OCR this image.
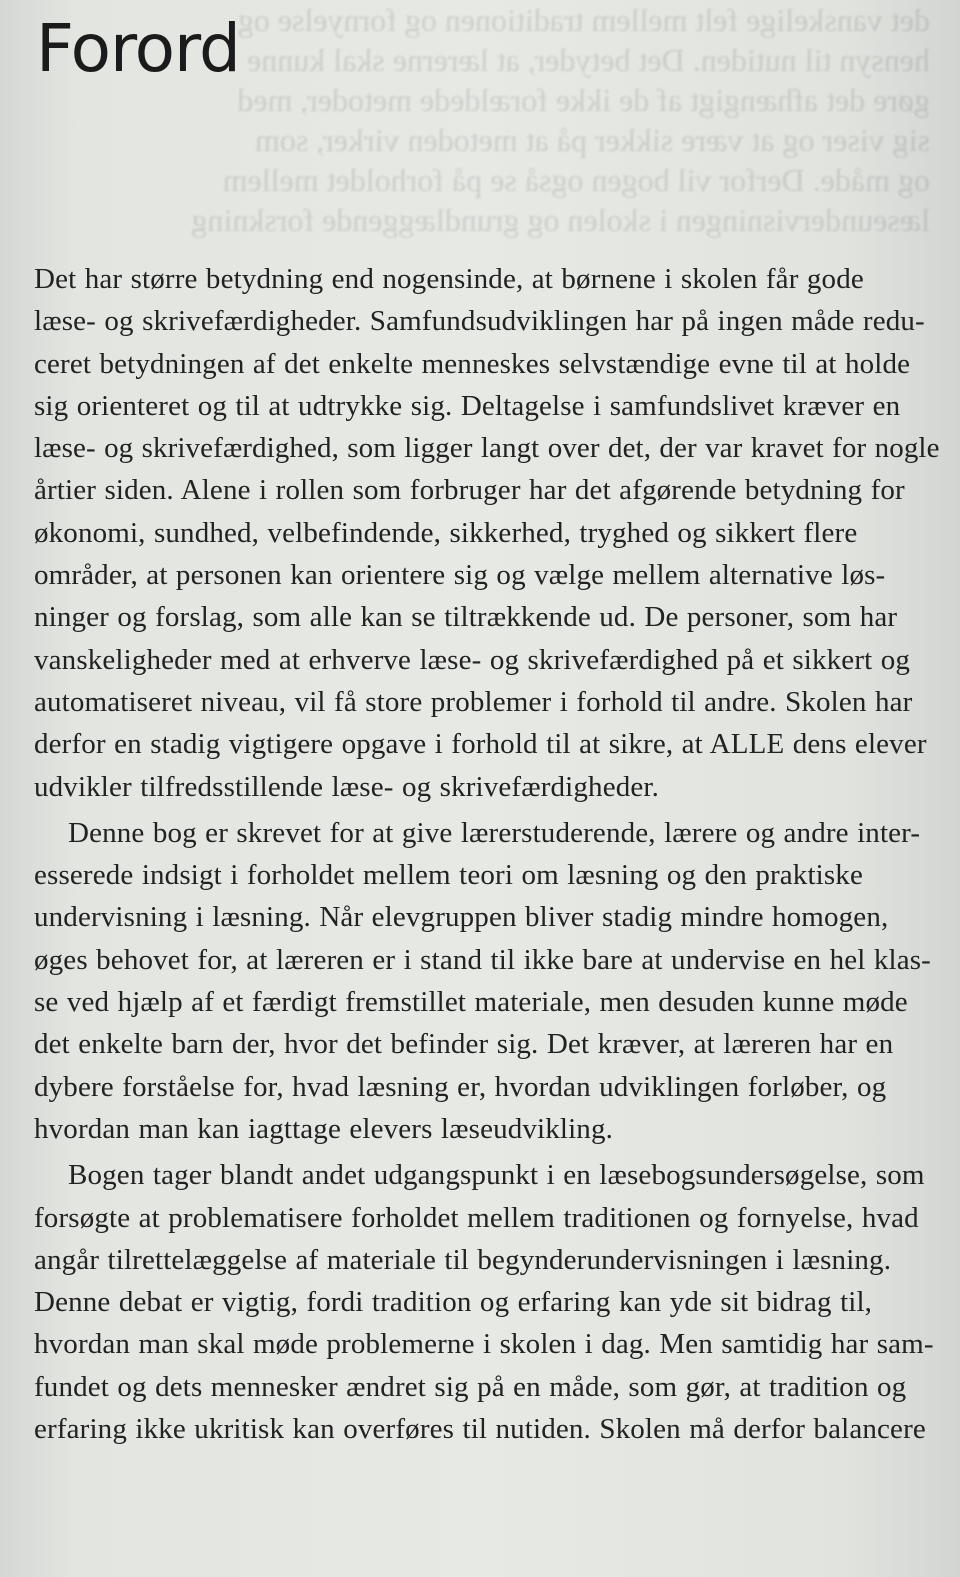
det vanskelige felt mellem traditionen og fornyelse og
hensyn til nutiden. Det betyder, at lærerne skal kunne
gøre det afhængigt af de ikke forældede metoder, med
sig viser og at være sikker på at metoden virker, som
og måde. Derfor vil bogen også se på forholdet mellem
læseundervisningen i skolen og grundlæggende forskning
Forord
Det har større betydning end nogensinde, at børnene i skolen får gode
læse- og skrivefærdigheder. Samfundsudviklingen har på ingen måde redu-
ceret betydningen af det enkelte menneskes selvstændige evne til at holde
sig orienteret og til at udtrykke sig. Deltagelse i samfundslivet kræver en
læse- og skrivefærdighed, som ligger langt over det, der var kravet for nogle
årtier siden. Alene i rollen som forbruger har det afgørende betydning for
økonomi, sundhed, velbefindende, sikkerhed, tryghed og sikkert flere
områder, at personen kan orientere sig og vælge mellem alternative løs-
ninger og forslag, som alle kan se tiltrækkende ud. De personer, som har
vanskeligheder med at erhverve læse- og skrivefærdighed på et sikkert og
automatiseret niveau, vil få store problemer i forhold til andre. Skolen har
derfor en stadig vigtigere opgave i forhold til at sikre, at ALLE dens elever
udvikler tilfredsstillende læse- og skrivefærdigheder.
Denne bog er skrevet for at give lærerstuderende, lærere og andre inter-
esserede indsigt i forholdet mellem teori om læsning og den praktiske
undervisning i læsning. Når elevgruppen bliver stadig mindre homogen,
øges behovet for, at læreren er i stand til ikke bare at undervise en hel klas-
se ved hjælp af et færdigt fremstillet materiale, men desuden kunne møde
det enkelte barn der, hvor det befinder sig. Det kræver, at læreren har en
dybere forståelse for, hvad læsning er, hvordan udviklingen forløber, og
hvordan man kan iagttage elevers læseudvikling.
Bogen tager blandt andet udgangspunkt i en læsebogsundersøgelse, som
forsøgte at problematisere forholdet mellem traditionen og fornyelse, hvad
angår tilrettelæggelse af materiale til begynderundervisningen i læsning.
Denne debat er vigtig, fordi tradition og erfaring kan yde sit bidrag til,
hvordan man skal møde problemerne i skolen i dag. Men samtidig har sam-
fundet og dets mennesker ændret sig på en måde, som gør, at tradition og
erfaring ikke ukritisk kan overføres til nutiden. Skolen må derfor balancere
